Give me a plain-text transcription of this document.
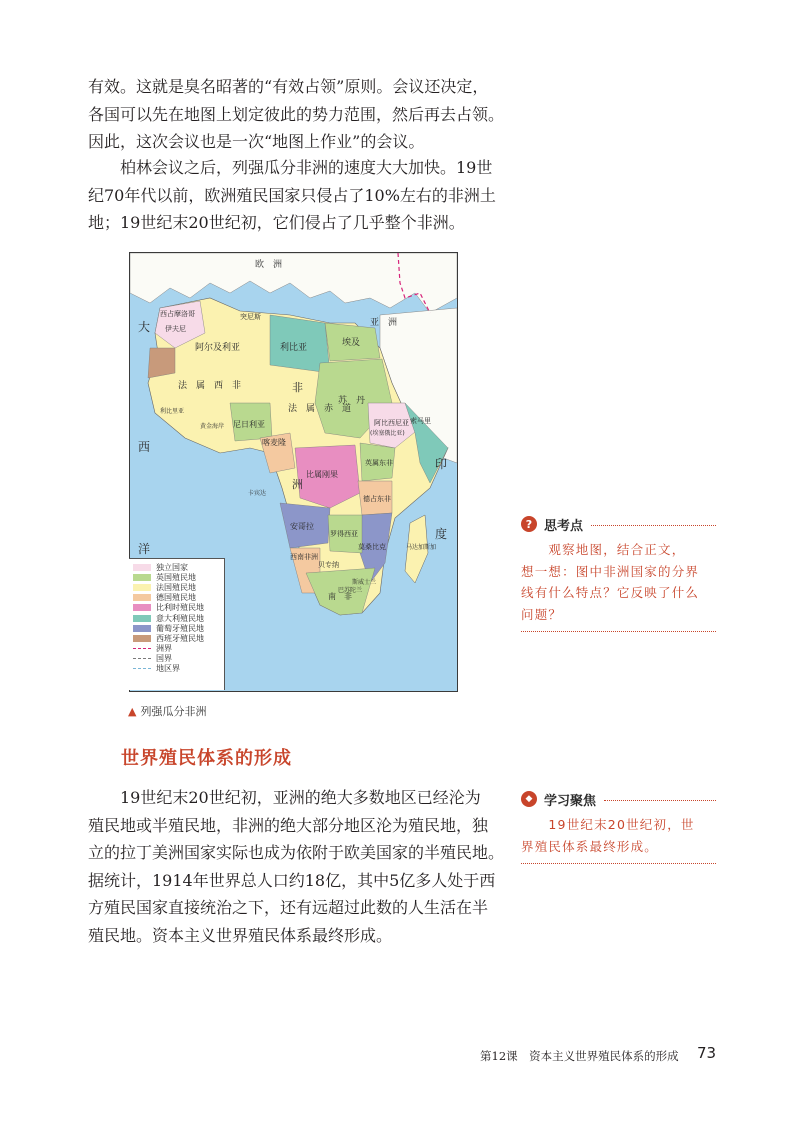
有效。这就是臭名昭著的“有效占领”原则。会议还决定，
各国可以先在地图上划定彼此的势力范围，然后再去占领。
因此，这次会议也是一次“地图上作业”的会议。

柏林会议之后，列强瓜分非洲的速度大大加快。19世
纪70年代以前，欧洲殖民国家只侵占了10%左右的非洲土
地；19世纪末20世纪初，它们侵占了几乎整个非洲。

欧　洲
亚　洲
大
西
洋
印
度
非
洲
西占摩洛哥
伊夫尼
突尼斯
阿尔及利亚	利比亚	埃及
法　属　西　非
法　属　赤　道
苏　丹
尼日利亚
喀麦隆
阿比西尼亚
(埃塞俄比亚)
比属刚果
英属东非
德占东非
安哥拉
罗得西亚
西南非洲
贝专纳
莫桑比克
南　非
斯威士兰
巴苏陀兰
马达加斯加
卡宾达
索马里
利比里亚
黄金海岸
独立国家
英国殖民地
法国殖民地
德国殖民地
比利时殖民地
意大利殖民地
葡萄牙殖民地
西班牙殖民地
洲界
国界
地区界
▲ 列强瓜分非洲
世界殖民体系的形成

19世纪末20世纪初，亚洲的绝大多数地区已经沦为
殖民地或半殖民地，非洲的绝大部分地区沦为殖民地，独
立的拉丁美洲国家实际也成为依附于欧美国家的半殖民地。
据统计，1914年世界总人口约18亿，其中5亿多人处于西
方殖民国家直接统治之下，还有远超过此数的人生活在半
殖民地。资本主义世界殖民体系最终形成。

? 思考点
　　观察地图，结合正文，
想一想：图中非洲国家的分界
线有什么特点？它反映了什么
问题？
◆ 学习聚焦
　　19世纪末20世纪初，世
界殖民体系最终形成。
第12课　资本主义世界殖民体系的形成 73
